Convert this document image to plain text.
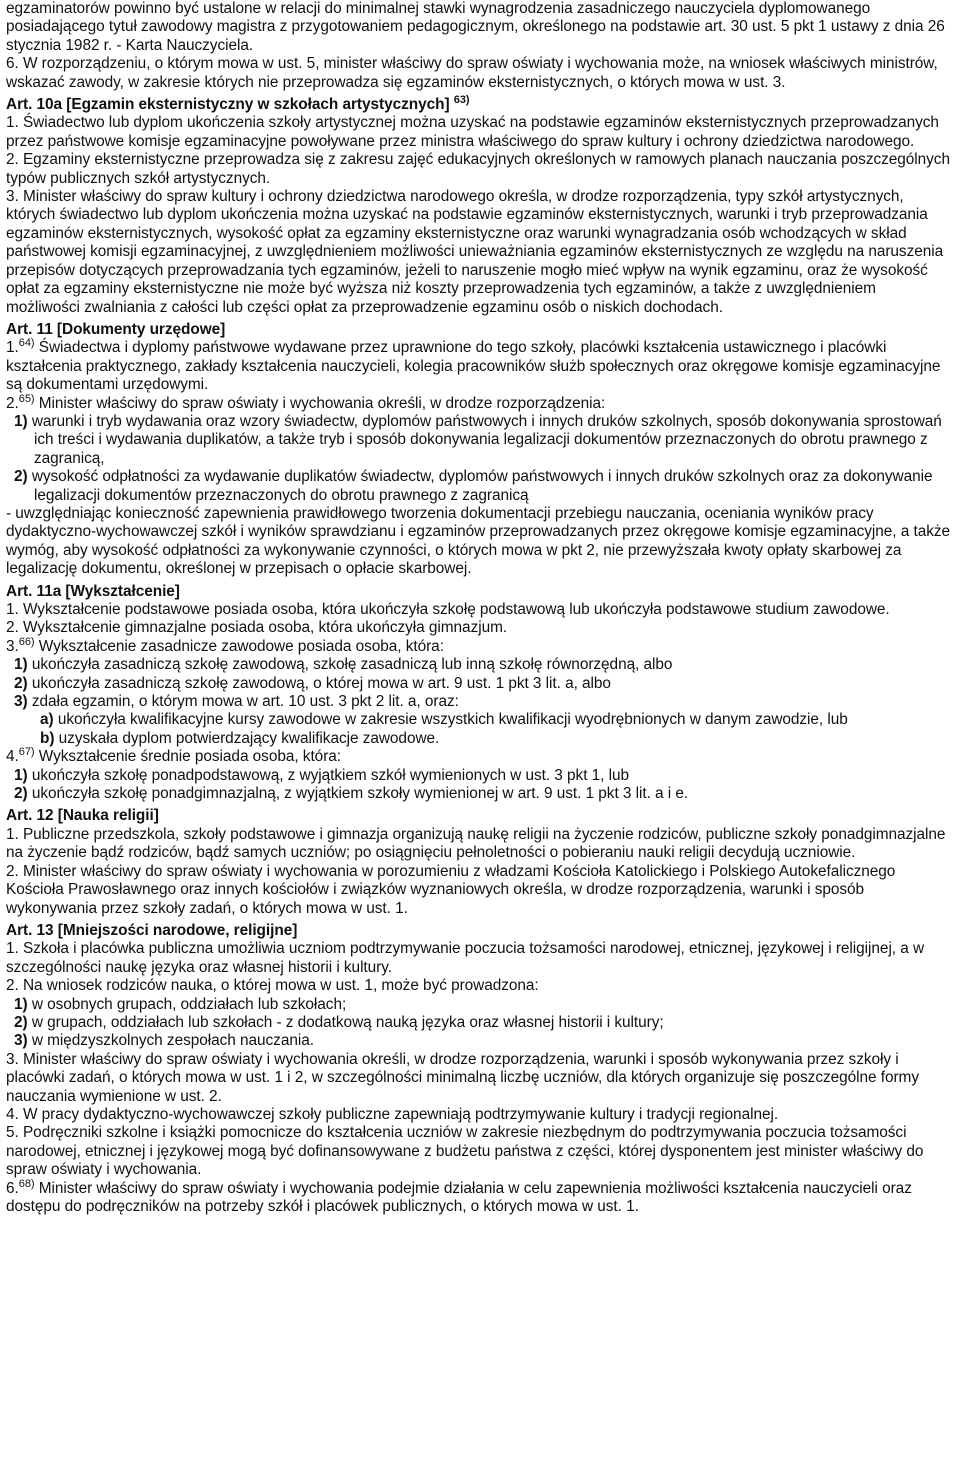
egzaminatorów powinno być ustalone w relacji do minimalnej stawki wynagrodzenia zasadniczego nauczyciela dyplomowanego posiadającego tytuł zawodowy magistra z przygotowaniem pedagogicznym, określonego na podstawie art. 30 ust. 5 pkt 1 ustawy z dnia 26 stycznia 1982 r. - Karta Nauczyciela.

6. W rozporządzeniu, o którym mowa w ust. 5, minister właściwy do spraw oświaty i wychowania może, na wniosek właściwych ministrów, wskazać zawody, w zakresie których nie przeprowadza się egzaminów eksternistycznych, o których mowa w ust. 3.

Art. 10a [Egzamin eksternistyczny w szkołach artystycznych] $^{63)}$

1. Świadectwo lub dyplom ukończenia szkoły artystycznej można uzyskać na podstawie egzaminów eksternistycznych przeprowadzanych przez państwowe komisje egzaminacyjne powoływane przez ministra właściwego do spraw kultury i ochrony dziedzictwa narodowego.

2. Egzaminy eksternistyczne przeprowadza się z zakresu zajęć edukacyjnych określonych w ramowych planach nauczania poszczególnych typów publicznych szkół artystycznych.

3. Minister właściwy do spraw kultury i ochrony dziedzictwa narodowego określa, w drodze rozporządzenia, typy szkół artystycznych, których świadectwo lub dyplom ukończenia można uzyskać na podstawie egzaminów eksternistycznych, warunki i tryb przeprowadzania egzaminów eksternistycznych, wysokość opłat za egzaminy eksternistyczne oraz warunki wynagradzania osób wchodzących w skład państwowej komisji egzaminacyjnej, z uwzględnieniem możliwości unieważniania egzaminów eksternistycznych ze względu na naruszenia przepisów dotyczących przeprowadzania tych egzaminów, jeżeli to naruszenie mogło mieć wpływ na wynik egzaminu, oraz że wysokość opłat za egzaminy eksternistyczne nie może być wyższa niż koszty przeprowadzenia tych egzaminów, a także z uwzględnieniem możliwości zwalniania z całości lub części opłat za przeprowadzenie egzaminu osób o niskich dochodach.

Art. 11 [Dokumenty urzędowe]

1.$^{64)}$ Świadectwa i dyplomy państwowe wydawane przez uprawnione do tego szkoły, placówki kształcenia ustawicznego i placówki kształcenia praktycznego, zakłady kształcenia nauczycieli, kolegia pracowników służb społecznych oraz okręgowe komisje egzaminacyjne są dokumentami urzędowymi.

2.$^{65)}$ Minister właściwy do spraw oświaty i wychowania określi, w drodze rozporządzenia:

1) warunki i tryb wydawania oraz wzory świadectw, dyplomów państwowych i innych druków szkolnych, sposób dokonywania sprostowań ich treści i wydawania duplikatów, a także tryb i sposób dokonywania legalizacji dokumentów przeznaczonych do obrotu prawnego z zagranicą,

2) wysokość odpłatności za wydawanie duplikatów świadectw, dyplomów państwowych i innych druków szkolnych oraz za dokonywanie legalizacji dokumentów przeznaczonych do obrotu prawnego z zagranicą

- uwzględniając konieczność zapewnienia prawidłowego tworzenia dokumentacji przebiegu nauczania, oceniania wyników pracy dydaktyczno-wychowawczej szkół i wyników sprawdzianu i egzaminów przeprowadzanych przez okręgowe komisje egzaminacyjne, a także wymóg, aby wysokość odpłatności za wykonywanie czynności, o których mowa w pkt 2, nie przewyższała kwoty opłaty skarbowej za legalizację dokumentu, określonej w przepisach o opłacie skarbowej.

Art. 11a [Wykształcenie]

1. Wykształcenie podstawowe posiada osoba, która ukończyła szkołę podstawową lub ukończyła podstawowe studium zawodowe.

2. Wykształcenie gimnazjalne posiada osoba, która ukończyła gimnazjum.

3.$^{66)}$ Wykształcenie zasadnicze zawodowe posiada osoba, która:

1) ukończyła zasadniczą szkołę zawodową, szkołę zasadniczą lub inną szkołę równorzędną, albo

2) ukończyła zasadniczą szkołę zawodową, o której mowa w art. 9 ust. 1 pkt 3 lit. a, albo

3) zdała egzamin, o którym mowa w art. 10 ust. 3 pkt 2 lit. a, oraz:

a) ukończyła kwalifikacyjne kursy zawodowe w zakresie wszystkich kwalifikacji wyodrębnionych w danym zawodzie, lub

b) uzyskała dyplom potwierdzający kwalifikacje zawodowe.

4.$^{67)}$ Wykształcenie średnie posiada osoba, która:

1) ukończyła szkołę ponadpodstawową, z wyjątkiem szkół wymienionych w ust. 3 pkt 1, lub

2) ukończyła szkołę ponadgimnazjalną, z wyjątkiem szkoły wymienionej w art. 9 ust. 1 pkt 3 lit. a i e.

Art. 12 [Nauka religii]

1. Publiczne przedszkola, szkoły podstawowe i gimnazja organizują naukę religii na życzenie rodziców, publiczne szkoły ponadgimnazjalne na życzenie bądź rodziców, bądź samych uczniów; po osiągnięciu pełnoletności o pobieraniu nauki religii decydują uczniowie.

2. Minister właściwy do spraw oświaty i wychowania w porozumieniu z władzami Kościoła Katolickiego i Polskiego Autokefalicznego Kościoła Prawosławnego oraz innych kościołów i związków wyznaniowych określa, w drodze rozporządzenia, warunki i sposób wykonywania przez szkoły zadań, o których mowa w ust. 1.

Art. 13 [Mniejszości narodowe, religijne]

1. Szkoła i placówka publiczna umożliwia uczniom podtrzymywanie poczucia tożsamości narodowej, etnicznej, językowej i religijnej, a w szczególności naukę języka oraz własnej historii i kultury.

2. Na wniosek rodziców nauka, o której mowa w ust. 1, może być prowadzona:

1) w osobnych grupach, oddziałach lub szkołach;

2) w grupach, oddziałach lub szkołach - z dodatkową nauką języka oraz własnej historii i kultury;

3) w międzyszkolnych zespołach nauczania.

3. Minister właściwy do spraw oświaty i wychowania określi, w drodze rozporządzenia, warunki i sposób wykonywania przez szkoły i placówki zadań, o których mowa w ust. 1 i 2, w szczególności minimalną liczbę uczniów, dla których organizuje się poszczególne formy nauczania wymienione w ust. 2.

4. W pracy dydaktyczno-wychowawczej szkoły publiczne zapewniają podtrzymywanie kultury i tradycji regionalnej.

5. Podręczniki szkolne i książki pomocnicze do kształcenia uczniów w zakresie niezbędnym do podtrzymywania poczucia tożsamości narodowej, etnicznej i językowej mogą być dofinansowywane z budżetu państwa z części, której dysponentem jest minister właściwy do spraw oświaty i wychowania.

6.$^{68)}$ Minister właściwy do spraw oświaty i wychowania podejmie działania w celu zapewnienia możliwości kształcenia nauczycieli oraz dostępu do podręczników na potrzeby szkół i placówek publicznych, o których mowa w ust. 1.
